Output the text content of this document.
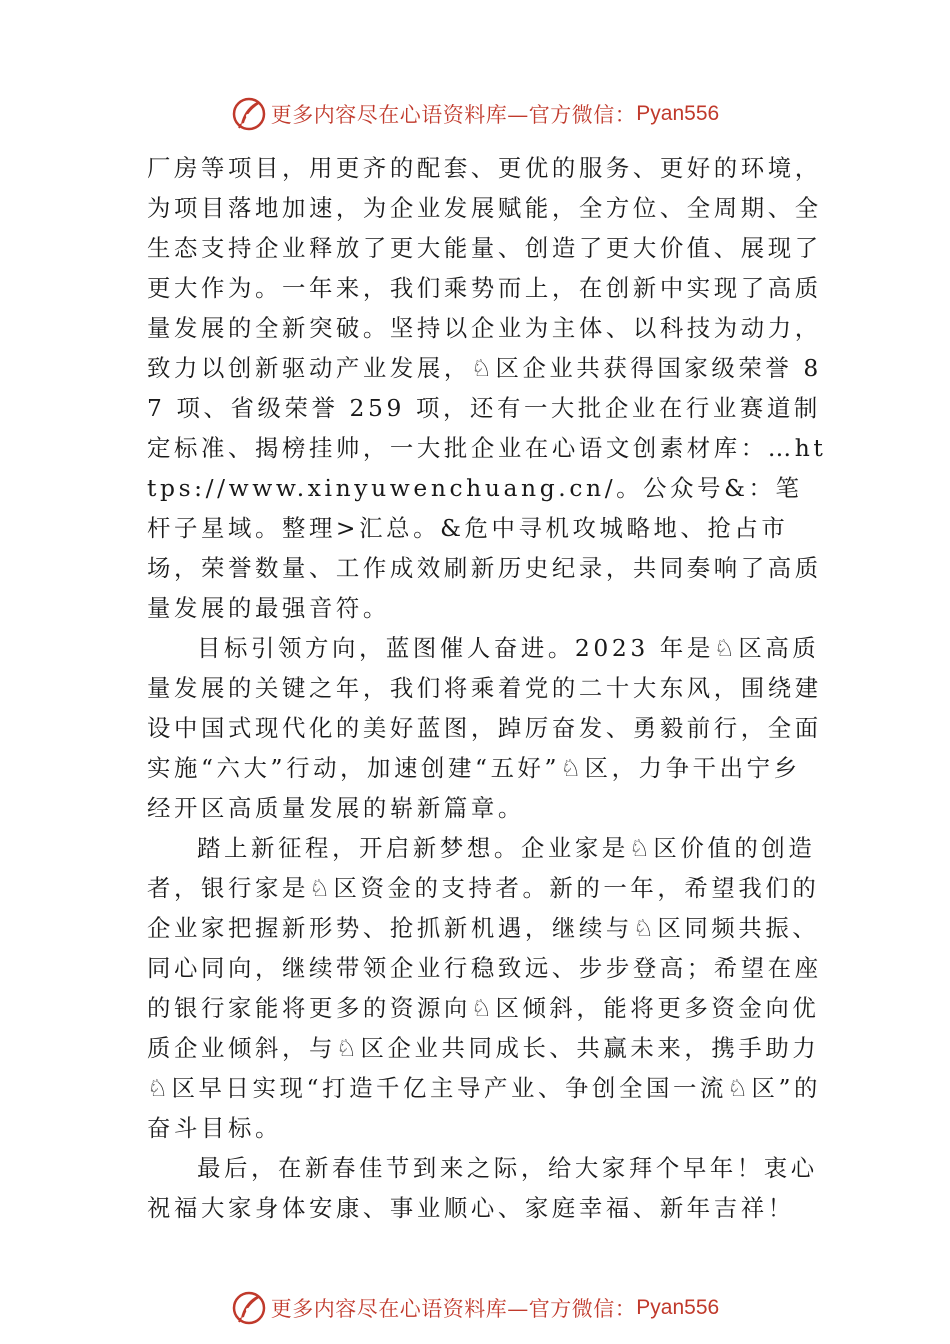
更多内容尽在心语资料库—官方微信： Pyan556

厂房等项目，用更齐的配套、更优的服务、更好的环境，为项目落地加速，为企业发展赋能，全方位、全周期、全生态支持企业释放了更大能量、创造了更大价值、展现了更大作为。一年来，我们乘势而上，在创新中实现了高质量发展的全新突破。坚持以企业为主体、以科技为动力，致力以创新驱动产业发展，♘区企业共获得国家级荣誉 87 项、省级荣誉 259 项，还有一大批企业在行业赛道制定标准、揭榜挂帅，一大批企业在心语文创素材库：…https://www.xinyuwenchuang.cn/。公众号&：笔杆子星域。整理>汇总。&危中寻机攻城略地、抢占市场，荣誉数量、工作成效刷新历史纪录，共同奏响了高质量发展的最强音符。

目标引领方向，蓝图催人奋进。2023 年是♘区高质量发展的关键之年，我们将乘着党的二十大东风，围绕建设中国式现代化的美好蓝图，踔厉奋发、勇毅前行，全面实施“六大”行动，加速创建“五好”♘区，力争干出宁乡经开区高质量发展的崭新篇章。

踏上新征程，开启新梦想。企业家是♘区价值的创造者，银行家是♘区资金的支持者。新的一年，希望我们的企业家把握新形势、抢抓新机遇，继续与♘区同频共振、同心同向，继续带领企业行稳致远、步步登高；希望在座的银行家能将更多的资源向♘区倾斜，能将更多资金向优质企业倾斜，与♘区企业共同成长、共赢未来，携手助力♘区早日实现“打造千亿主导产业、争创全国一流♘区”的奋斗目标。

最后，在新春佳节到来之际，给大家拜个早年！衷心祝福大家身体安康、事业顺心、家庭幸福、新年吉祥！

更多内容尽在心语资料库—官方微信： Pyan556
